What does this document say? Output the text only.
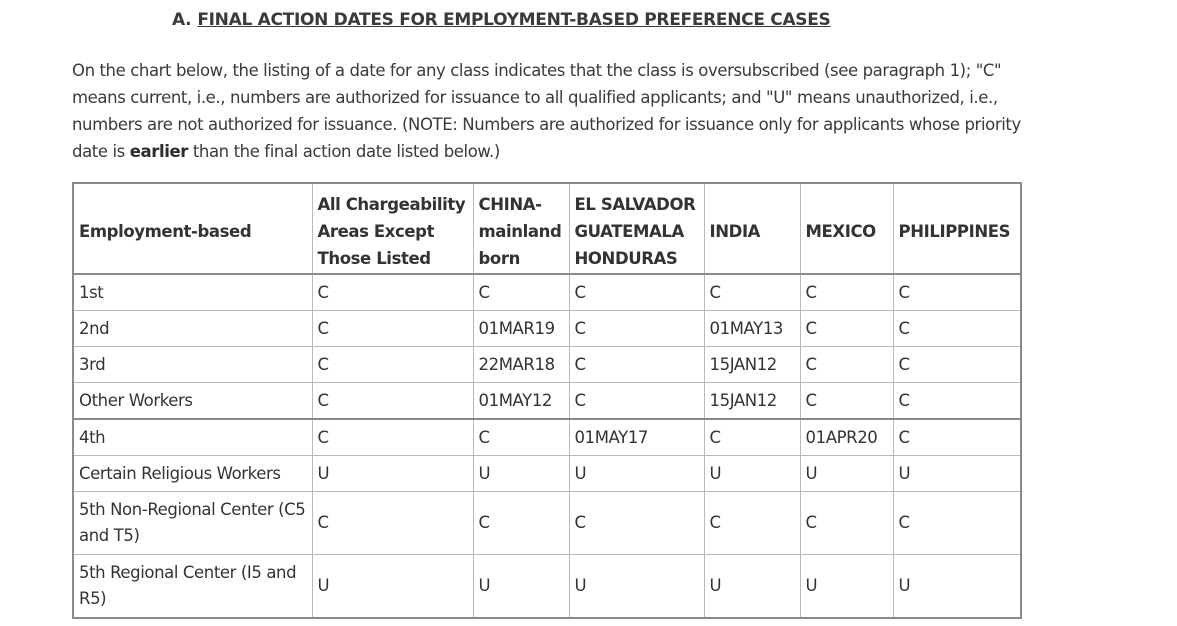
A. FINAL ACTION DATES FOR EMPLOYMENT-BASED PREFERENCE CASES
On the chart below, the listing of a date for any class indicates that the class is oversubscribed (see paragraph 1); "C" means current, i.e., numbers are authorized for issuance to all qualified applicants; and "U" means unauthorized, i.e., numbers are not authorized for issuance. (NOTE: Numbers are authorized for issuance only for applicants whose priority date is earlier than the final action date listed below.)
Employment-based	All Chargeability Areas Except Those Listed	CHINA-mainland born	EL SALVADOR GUATEMALA HONDURAS	INDIA	MEXICO	PHILIPPINES
1st	C	C	C	C	C	C
2nd	C	01MAR19	C	01MAY13	C	C
3rd	C	22MAR18	C	15JAN12	C	C
Other Workers	C	01MAY12	C	15JAN12	C	C
4th	C	C	01MAY17	C	01APR20	C
Certain Religious Workers	U	U	U	U	U	U
5th Non-Regional Center (C5 and T5)	C	C	C	C	C	C
5th Regional Center (I5 and R5)	U	U	U	U	U	U
